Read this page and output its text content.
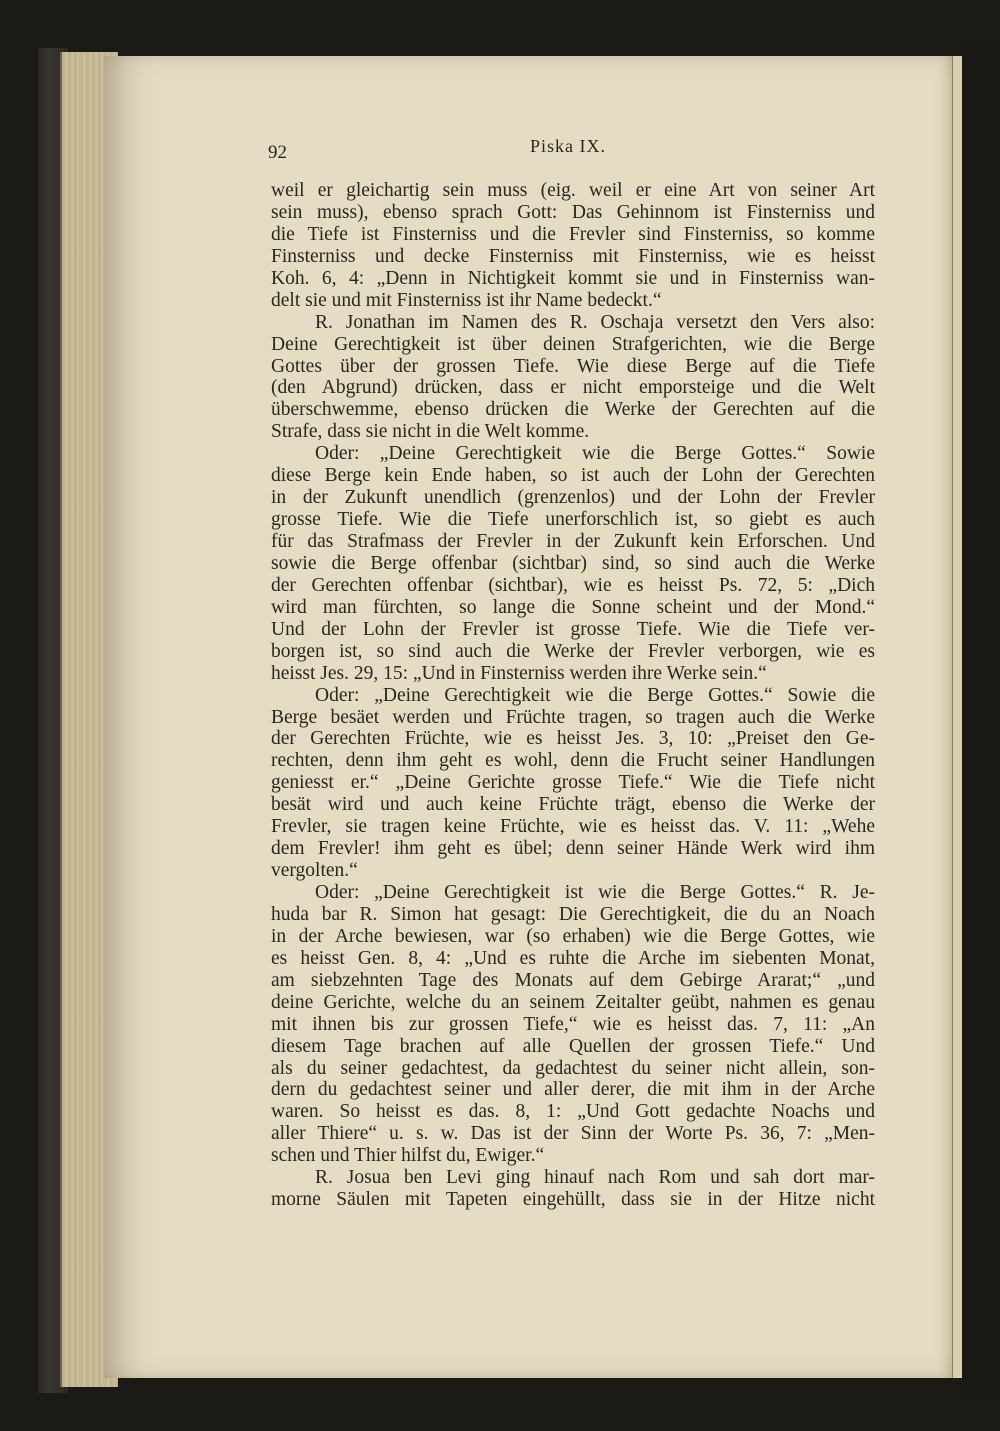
92	Piska IX.
weil er gleichartig sein muss (eig. weil er eine Art von seiner Art
sein muss), ebenso sprach Gott: Das Gehinnom ist Finsterniss und
die Tiefe ist Finsterniss und die Frevler sind Finsterniss, so komme
Finsterniss und decke Finsterniss mit Finsterniss, wie es heisst
Koh. 6, 4: „Denn in Nichtigkeit kommt sie und in Finsterniss wan-
delt sie und mit Finsterniss ist ihr Name bedeckt.“
R. Jonathan im Namen des R. Oschaja versetzt den Vers also:
Deine Gerechtigkeit ist über deinen Strafgerichten, wie die Berge
Gottes über der grossen Tiefe. Wie diese Berge auf die Tiefe
(den Abgrund) drücken, dass er nicht emporsteige und die Welt
überschwemme, ebenso drücken die Werke der Gerechten auf die
Strafe, dass sie nicht in die Welt komme.
Oder: „Deine Gerechtigkeit wie die Berge Gottes.“ Sowie
diese Berge kein Ende haben, so ist auch der Lohn der Gerechten
in der Zukunft unendlich (grenzenlos) und der Lohn der Frevler
grosse Tiefe. Wie die Tiefe unerforschlich ist, so giebt es auch
für das Strafmass der Frevler in der Zukunft kein Erforschen. Und
sowie die Berge offenbar (sichtbar) sind, so sind auch die Werke
der Gerechten offenbar (sichtbar), wie es heisst Ps. 72, 5: „Dich
wird man fürchten, so lange die Sonne scheint und der Mond.“
Und der Lohn der Frevler ist grosse Tiefe. Wie die Tiefe ver-
borgen ist, so sind auch die Werke der Frevler verborgen, wie es
heisst Jes. 29, 15: „Und in Finsterniss werden ihre Werke sein.“
Oder: „Deine Gerechtigkeit wie die Berge Gottes.“ Sowie die
Berge besäet werden und Früchte tragen, so tragen auch die Werke
der Gerechten Früchte, wie es heisst Jes. 3, 10: „Preiset den Ge-
rechten, denn ihm geht es wohl, denn die Frucht seiner Handlungen
geniesst er.“ „Deine Gerichte grosse Tiefe.“ Wie die Tiefe nicht
besät wird und auch keine Früchte trägt, ebenso die Werke der
Frevler, sie tragen keine Früchte, wie es heisst das. V. 11: „Wehe
dem Frevler! ihm geht es übel; denn seiner Hände Werk wird ihm
vergolten.“
Oder: „Deine Gerechtigkeit ist wie die Berge Gottes.“ R. Je-
huda bar R. Simon hat gesagt: Die Gerechtigkeit, die du an Noach
in der Arche bewiesen, war (so erhaben) wie die Berge Gottes, wie
es heisst Gen. 8, 4: „Und es ruhte die Arche im siebenten Monat,
am siebzehnten Tage des Monats auf dem Gebirge Ararat;“ „und
deine Gerichte, welche du an seinem Zeitalter geübt, nahmen es genau
mit ihnen bis zur grossen Tiefe,“ wie es heisst das. 7, 11: „An
diesem Tage brachen auf alle Quellen der grossen Tiefe.“ Und
als du seiner gedachtest, da gedachtest du seiner nicht allein, son-
dern du gedachtest seiner und aller derer, die mit ihm in der Arche
waren. So heisst es das. 8, 1: „Und Gott gedachte Noachs und
aller Thiere“ u. s. w. Das ist der Sinn der Worte Ps. 36, 7: „Men-
schen und Thier hilfst du, Ewiger.“
R. Josua ben Levi ging hinauf nach Rom und sah dort mar-
morne Säulen mit Tapeten eingehüllt, dass sie in der Hitze nicht
